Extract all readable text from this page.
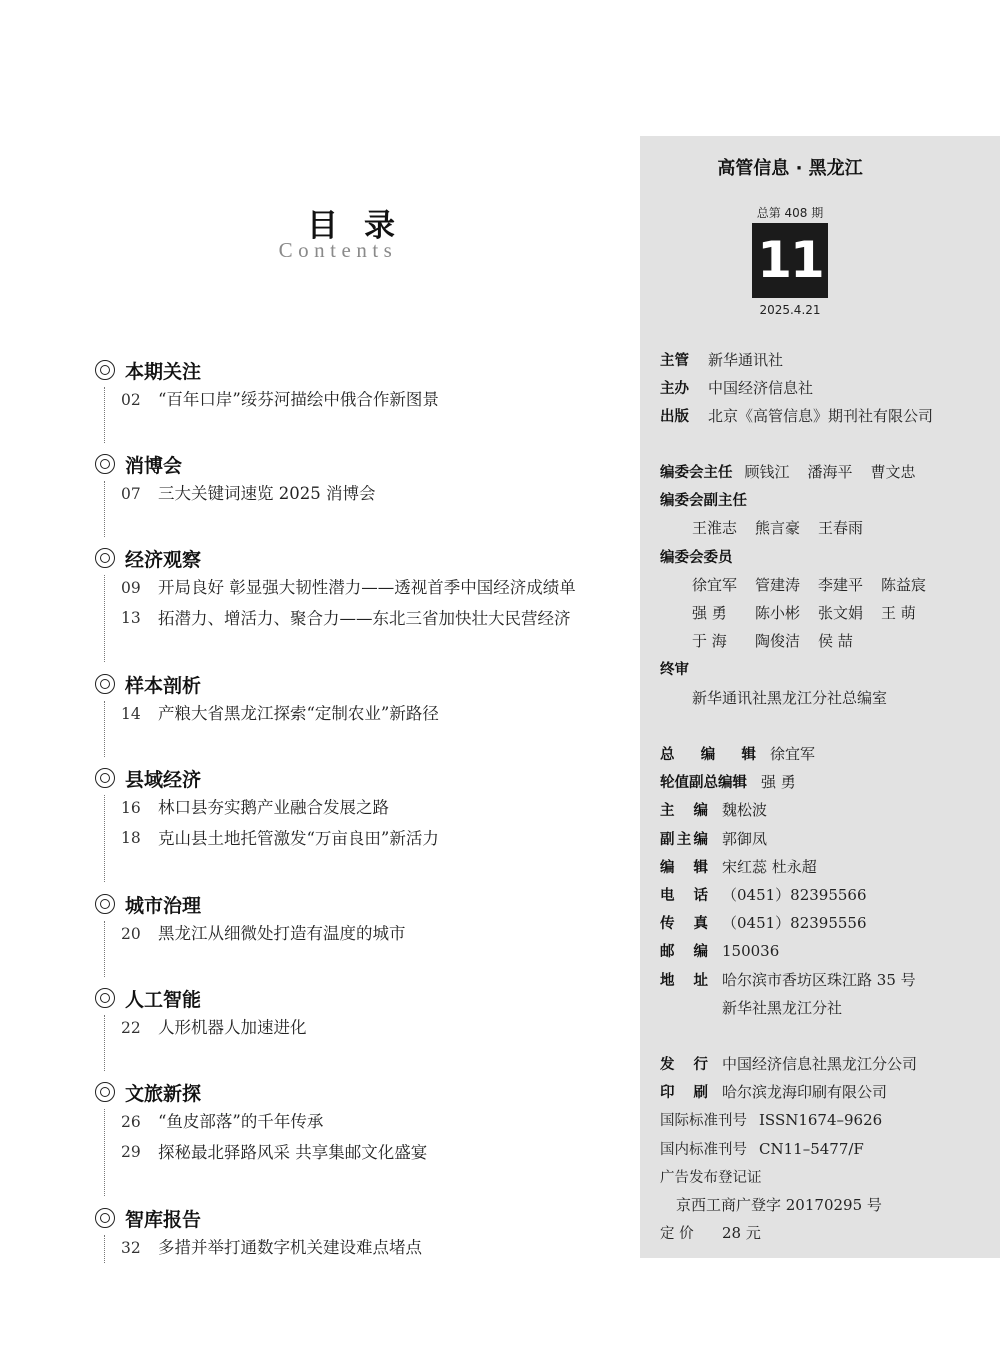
目录
Contents
本期关注
02	“百年口岸”绥芬河描绘中俄合作新图景
消博会
07	三大关键词速览 2025 消博会
经济观察
09	开局良好 彰显强大韧性潜力——透视首季中国经济成绩单
13	拓潜力、增活力、聚合力——东北三省加快壮大民营经济
样本剖析
14	产粮大省黑龙江探索“定制农业”新路径
县域经济
16	林口县夯实鹅产业融合发展之路
18	克山县土地托管激发“万亩良田”新活力
城市治理
20	黑龙江从细微处打造有温度的城市
人工智能
22	人形机器人加速进化
文旅新探
26	“鱼皮部落”的千年传承
29	探秘最北驿路风采 共享集邮文化盛宴
智库报告
32	多措并举打通数字机关建设难点堵点
高管信息 · 黑龙江
总第 408 期
11
2025.4.21
主管 新华通讯社
主办 中国经济信息社
出版 北京《高管信息》期刊社有限公司
编委会主任 顾钱江 潘海平 曹文忠
编委会副主任
王淮志 熊言豪 王春雨
编委会委员
徐宜军 管建涛 李建平 陈益宸
强 勇 陈小彬 张文娟 王 萌
于 海 陶俊洁 侯 喆
终审
新华通讯社黑龙江分社总编室
总编辑 徐宜军
轮值副总编辑 强 勇
主编 魏松波
副主编 郭御凤
编辑 宋红蕊 杜永超
电话 （0451）82395566
传真 （0451）82395556
邮编 150036
地址 哈尔滨市香坊区珠江路 35 号
新华社黑龙江分社
发行 中国经济信息社黑龙江分公司
印刷 哈尔滨龙海印刷有限公司
国际标准刊号 ISSN1674–9626
国内标准刊号 CN11–5477/F
广告发布登记证
京西工商广登字 20170295 号
定 价 28 元
